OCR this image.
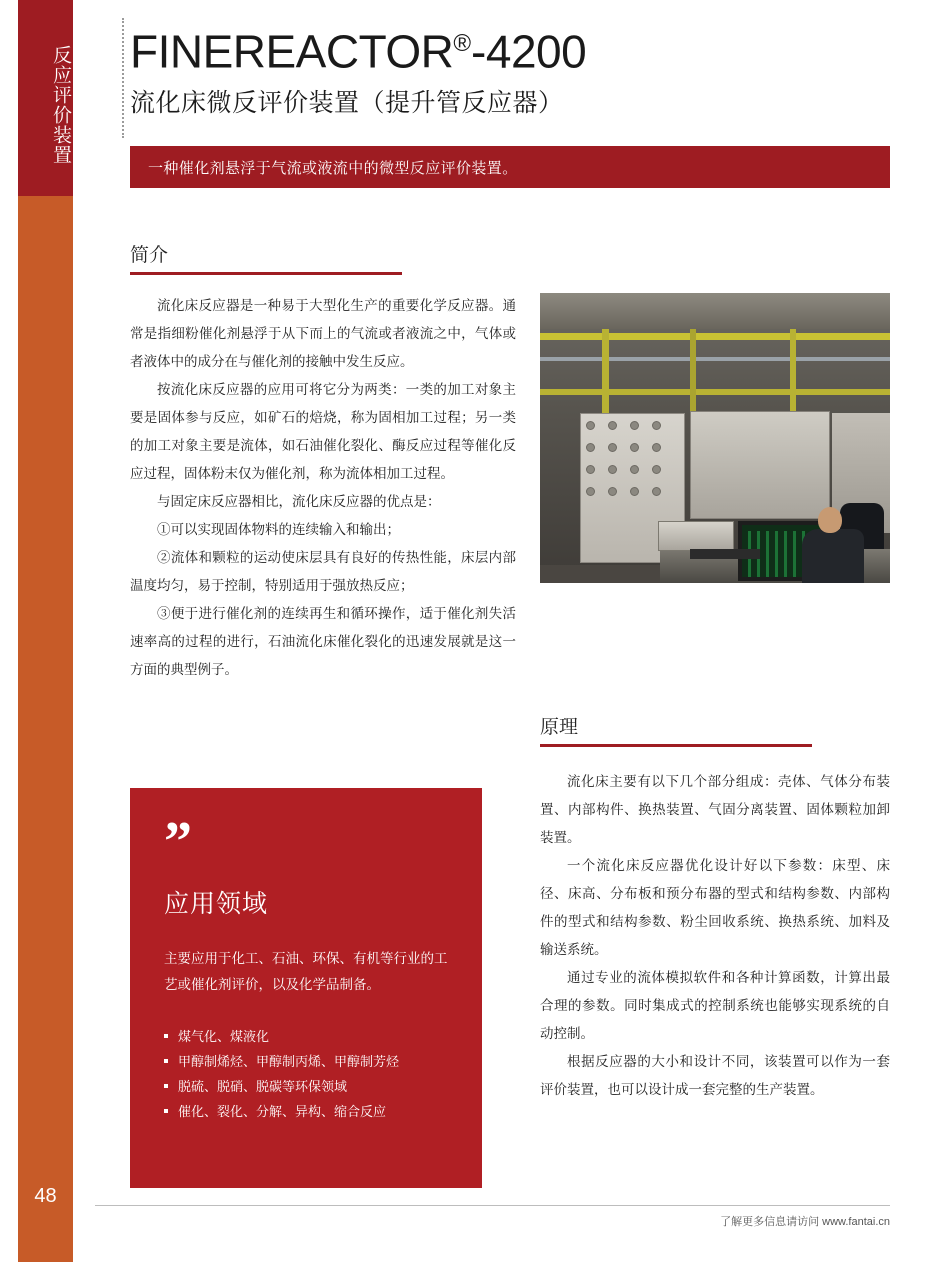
反应评价装置
48
FINEREACTOR®-4200
流化床微反评价装置（提升管反应器）
一种催化剂悬浮于气流或液流中的微型反应评价装置。
简介

流化床反应器是一种易于大型化生产的重要化学反应器。通常是指细粉催化剂悬浮于从下而上的气流或者液流之中，气体或者液体中的成分在与催化剂的接触中发生反应。

按流化床反应器的应用可将它分为两类：一类的加工对象主要是固体参与反应，如矿石的焙烧，称为固相加工过程；另一类的加工对象主要是流体，如石油催化裂化、酶反应过程等催化反应过程，固体粉末仅为催化剂，称为流体相加工过程。

与固定床反应器相比，流化床反应器的优点是：

①可以实现固体物料的连续输入和输出；

②流体和颗粒的运动使床层具有良好的传热性能，床层内部温度均匀，易于控制，特别适用于强放热反应；

③便于进行催化剂的连续再生和循环操作，适于催化剂失活速率高的过程的进行，石油流化床催化裂化的迅速发展就是这一方面的典型例子。

原理

流化床主要有以下几个部分组成：壳体、气体分布装置、内部构件、换热装置、气固分离装置、固体颗粒加卸装置。

一个流化床反应器优化设计好以下参数：床型、床径、床高、分布板和预分布器的型式和结构参数、内部构件的型式和结构参数、粉尘回收系统、换热系统、加料及输送系统。

通过专业的流体模拟软件和各种计算函数，计算出最合理的参数。同时集成式的控制系统也能够实现系统的自动控制。

根据反应器的大小和设计不同，该装置可以作为一套评价装置，也可以设计成一套完整的生产装置。

”
应用领域
主要应用于化工、石油、环保、有机等行业的工艺或催化剂评价，以及化学品制备。
煤气化、煤液化
甲醇制烯烃、甲醇制丙烯、甲醇制芳烃
脱硫、脱硝、脱碳等环保领域
催化、裂化、分解、异构、缩合反应
了解更多信息请访问 www.fantai.cn
